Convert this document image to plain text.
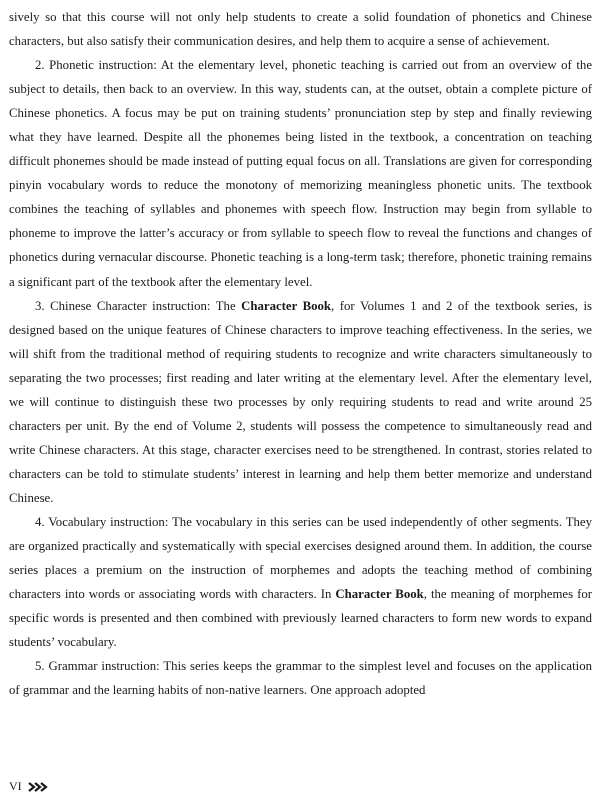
sively so that this course will not only help students to create a solid foundation of phonetics and Chinese characters, but also satisfy their communication desires, and help them to acquire a sense of achievement.

2. Phonetic instruction: At the elementary level, phonetic teaching is carried out from an overview of the subject to details, then back to an overview. In this way, students can, at the outset, obtain a complete picture of Chinese phonetics. A focus may be put on training students’ pronunciation step by step and finally reviewing what they have learned. Despite all the phonemes being listed in the textbook, a concentration on teaching difficult phonemes should be made instead of putting equal focus on all. Translations are given for corresponding pinyin vocabulary words to reduce the monotony of memorizing meaningless phonetic units. The textbook combines the teaching of syllables and phonemes with speech flow. Instruction may begin from syllable to phoneme to improve the latter’s accuracy or from syllable to speech flow to reveal the functions and changes of phonetics during vernacular discourse. Phonetic teaching is a long-term task; therefore, phonetic training remains a significant part of the textbook after the elementary level.

3. Chinese Character instruction: The Character Book, for Volumes 1 and 2 of the textbook series, is designed based on the unique features of Chinese characters to improve teaching effectiveness. In the series, we will shift from the traditional method of requiring students to recognize and write characters simultaneously to separating the two processes; first reading and later writing at the elementary level. After the elementary level, we will continue to distinguish these two processes by only requiring students to read and write around 25 characters per unit. By the end of Volume 2, students will possess the competence to simultaneously read and write Chinese characters. At this stage, character exercises need to be strengthened. In contrast, stories related to characters can be told to stimulate students’ interest in learning and help them better memorize and understand Chinese.

4. Vocabulary instruction: The vocabulary in this series can be used independently of other segments. They are organized practically and systematically with special exercises designed around them. In addition, the course series places a premium on the instruction of morphemes and adopts the teaching method of combining characters into words or associating words with characters. In Character Book, the meaning of morphemes for specific words is presented and then combined with previously learned characters to form new words to expand students’ vocabulary.

5. Grammar instruction: This series keeps the grammar to the simplest level and focuses on the application of grammar and the learning habits of non-native learners. One approach adopted

VI
